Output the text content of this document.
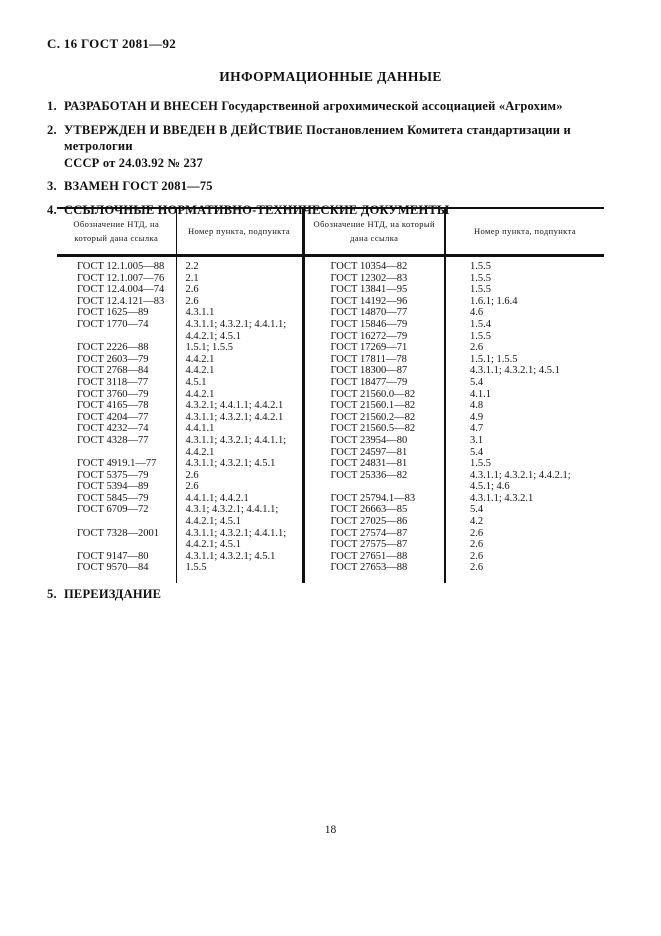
С. 16 ГОСТ 2081—92
ИНФОРМАЦИОННЫЕ ДАННЫЕ
1. РАЗРАБОТАН И ВНЕСЕН Государственной агрохимической ассоциацией «Агрохим»
2. УТВЕРЖДЕН И ВВЕДЕН В ДЕЙСТВИЕ Постановлением Комитета стандартизации и метрологии
СССР от 24.03.92 № 237
3. ВЗАМЕН ГОСТ 2081—75
4. ССЫЛОЧНЫЕ НОРМАТИВНО-ТЕХНИЧЕСКИЕ ДОКУМЕНТЫ
Обозначение НТД, на который дана ссылка	Номер пункта, подпункта	Обозначение НТД, на который дана ссылка	Номер пункта, подпункта
ГОСТ 12.1.005—88	2.2	ГОСТ 10354—82	1.5.5
ГОСТ 12.1.007—76	2.1	ГОСТ 12302—83	1.5.5
ГОСТ 12.4.004—74	2.6	ГОСТ 13841—95	1.5.5
ГОСТ 12.4.121—83	2.6	ГОСТ 14192—96	1.6.1; 1.6.4
ГОСТ 1625—89	4.3.1.1	ГОСТ 14870—77	4.6
ГОСТ 1770—74	4.3.1.1; 4.3.2.1; 4.4.1.1;	ГОСТ 15846—79	1.5.4
	4.4.2.1; 4.5.1	ГОСТ 16272—79	1.5.5
ГОСТ 2226—88	1.5.1; 1.5.5	ГОСТ 17269—71	2.6
ГОСТ 2603—79	4.4.2.1	ГОСТ 17811—78	1.5.1; 1.5.5
ГОСТ 2768—84	4.4.2.1	ГОСТ 18300—87	4.3.1.1; 4.3.2.1; 4.5.1
ГОСТ 3118—77	4.5.1	ГОСТ 18477—79	5.4
ГОСТ 3760—79	4.4.2.1	ГОСТ 21560.0—82	4.1.1
ГОСТ 4165—78	4.3.2.1; 4.4.1.1; 4.4.2.1	ГОСТ 21560.1—82	4.8
ГОСТ 4204—77	4.3.1.1; 4.3.2.1; 4.4.2.1	ГОСТ 21560.2—82	4.9
ГОСТ 4232—74	4.4.1.1	ГОСТ 21560.5—82	4.7
ГОСТ 4328—77	4.3.1.1; 4.3.2.1; 4.4.1.1;	ГОСТ 23954—80	3.1
	4.4.2.1	ГОСТ 24597—81	5.4
ГОСТ 4919.1—77	4.3.1.1; 4.3.2.1; 4.5.1	ГОСТ 24831—81	1.5.5
ГОСТ 5375—79	2.6	ГОСТ 25336—82	4.3.1.1; 4.3.2.1; 4.4.2.1;
ГОСТ 5394—89	2.6		4.5.1; 4.6
ГОСТ 5845—79	4.4.1.1; 4.4.2.1	ГОСТ 25794.1—83	4.3.1.1; 4.3.2.1
ГОСТ 6709—72	4.3.1; 4.3.2.1; 4.4.1.1;	ГОСТ 26663—85	5.4
	4.4.2.1; 4.5.1	ГОСТ 27025—86	4.2
ГОСТ 7328—2001	4.3.1.1; 4.3.2.1; 4.4.1.1;	ГОСТ 27574—87	2.6
	4.4.2.1; 4.5.1	ГОСТ 27575—87	2.6
ГОСТ 9147—80	4.3.1.1; 4.3.2.1; 4.5.1	ГОСТ 27651—88	2.6
ГОСТ 9570—84	1.5.5	ГОСТ 27653—88	2.6
5. ПЕРЕИЗДАНИЕ
18
